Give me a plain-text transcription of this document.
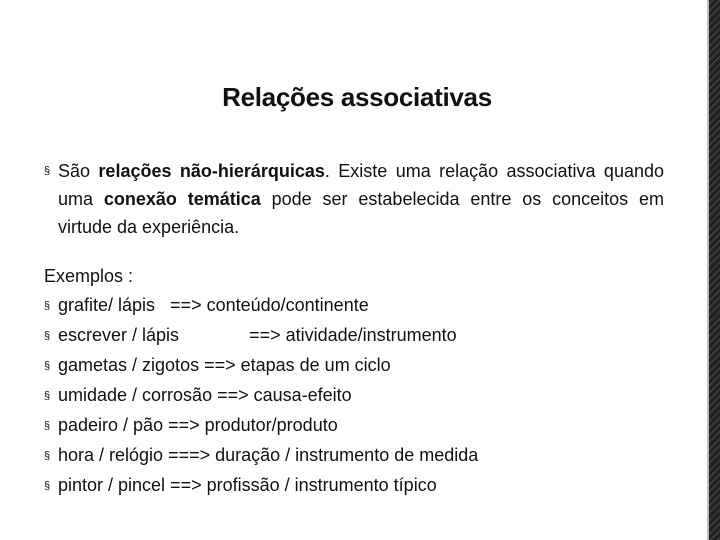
Relações associativas
§ São relações não-hierárquicas. Existe uma relação associativa quando uma conexão temática pode ser estabelecida entre os conceitos em virtude da experiência.
Exemplos :
§ grafite/ lápis   ==> conteúdo/continente
§ escrever / lápis              ==> atividade/instrumento
§ gametas / zigotos ==> etapas de um ciclo
§ umidade / corrosão ==> causa-efeito
§ padeiro / pão ==> produtor/produto
§ hora / relógio ===> duração / instrumento de medida
§ pintor / pincel ==> profissão / instrumento típico
